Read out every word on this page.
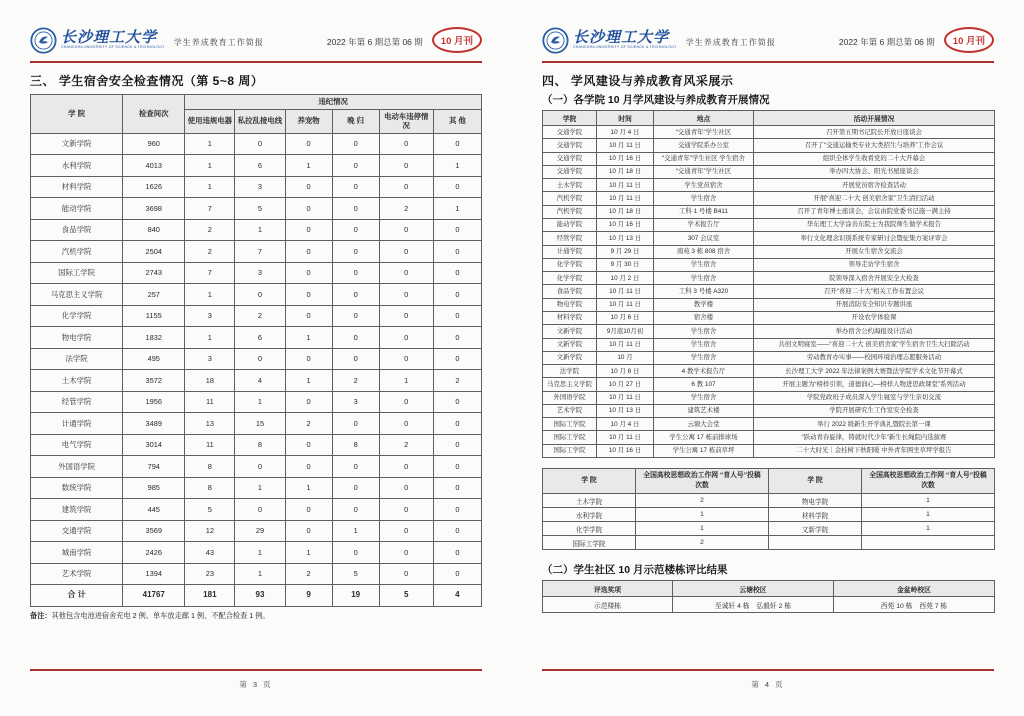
长沙理工大学
CHANGSHA UNIVERSITY OF SCIENCE & TECHNOLOGY
学生养成教育工作简报	2022 年第 6 期总第 06 期	10 月刊
三、 学生宿舍安全检查情况（第 5~8 周）
学 院	检查间次	违纪情况					
		使用违规电器	私拉乱接电线	养宠物	晚 归	电动车违停情况	其 他
文新学院	960	1	0	0	0	0	0
水利学院	4013	1	6	1	0	0	1
材料学院	1626	1	3	0	0	0	0
能动学院	3698	7	5	0	0	2	1
食品学院	840	2	1	0	0	0	0
汽机学院	2504	2	7	0	0	0	0
国际工学院	2743	7	3	0	0	0	0
马克思主义学院	257	1	0	0	0	0	0
化学学院	1155	3	2	0	0	0	0
物电学院	1832	1	6	1	0	0	0
法学院	495	3	0	0	0	0	0
土木学院	3572	18	4	1	2	1	2
经管学院	1956	11	1	0	3	0	0
计通学院	3489	13	15	2	0	0	0
电气学院	3014	11	8	0	8	2	0
外国语学院	794	8	0	0	0	0	0
数统学院	985	8	1	1	0	0	0
建筑学院	445	5	0	0	0	0	0
交通学院	3569	12	29	0	1	0	0
城南学院	2426	43	1	1	0	0	0
艺术学院	1394	23	1	2	5	0	0
合 计	41767	181	93	9	19	5	4
备注：其他包含电池进宿舍充电 2 例、单车放走廊 1 例、不配合检查 1 例。
第 3 页
长沙理工大学
CHANGSHA UNIVERSITY OF SCIENCE & TECHNOLOGY
学生养成教育工作简报	2022 年第 6 期总第 06 期	10 月刊
四、 学风建设与养成教育风采展示
（一）各学院 10 月学风建设与养成教育开展情况
学院	时间	地点	活动开展情况
交通学院	10 月 4 日	“交通青年”学生社区	召开第五期书记院长开放日座谈会
交通学院	10 月 11 日	交通学院系办公室	召开了“交通运输类专业大类招生与培养”工作会议
交通学院	10 月 16 日	“交通青年”学生社区 学生宿舍	组织全体学生收看党的二十大开幕会
交通学院	10 月 18 日	“交通青年”学生社区	举办四大协会、阳光书屋座谈会
土木学院	10 月 11 日	学生党员宿舍	开展党员宿舍检查活动
汽机学院	10 月 11 日	学生宿舍	开展“喜迎二十大 创美宿舍家”卫生清扫活动
汽机学院	10 月 18 日	工科 1 号楼 B411	召开了青年博士座谈会，会议由院党委书记施一满主持
能动学院	10 月 16 日	学术报告厅	华东理工大学涂善东院士为我院师生做学术报告
经管学院	10 月 13 日	307 会议室	举行文化理念识别系统专家研讨会暨征集方案评审会
计通学院	9 月 29 日	南苑 3 栋 808 宿舍	开展女生宿舍交流会
化学学院	9 月 30 日	学生宿舍	领导走访学生宿舍
化学学院	10 月 2 日	学生宿舍	院领导深入宿舍开展安全大检查
食品学院	10 月 11 日	工科 3 号楼 A320	召开“喜迎二十大”相关工作布置会议
物电学院	10 月 11 日	教学楼	开展消防安全知识专题讲座
材料学院	10 月 6 日	宿舍楼	开设农学体验课
文新学院	9月底10月初	学生宿舍	举办宿舍公约海报设计活动
文新学院	10 月 11 日	学生宿舍	共创文明寝室——“喜迎二十大 创美宿舍家”学生宿舍卫生大扫除活动
文新学院	10 月	学生宿舍	劳动教育办实事——校园环境治理志愿服务活动
法学院	10 月 8 日	4 教学术报告厅	长沙理工大学 2022 年法律案例大赛暨法学院学术文化节开幕式
马克思主义学院	10 月 27 日	6 教 107	开展主题为“榜样引领，道德润心—榜样人物进思政课堂”系列活动
外国语学院	10 月 11 日	学生宿舍	学院党政班子成员深入学生寝室与学生亲切交流
艺术学院	10 月 13 日	建筑艺术楼	学院开展研究生工作室安全检查
国际工学院	10 月 4 日	云塘大会堂	举行 2022 级新生开学典礼暨院长第一课
国际工学院	10 月 11 日	学生公寓 17 栋前排球场	“跃动青春旋律，铸就时代少年”新生长绳院内选拔赛
国际工学院	10 月 16 日	学生公寓 17 栋前草坪	二十大时光｜金桂树下秋阳暖 中外青年围坐草坪学报告
学 院	全国高校思想政治工作网 “育人号”投稿次数	学 院	全国高校思想政治工作网 “育人号”投稿次数
土木学院	2	物电学院	1
水利学院	1	材料学院	1
化学学院	1	文新学院	1
国际工学院	2		
（二）学生社区 10 月示范楼栋评比结果
评选奖项	云塘校区	金盆岭校区
示范楼栋	至诚轩 4 栋　弘毅轩 2 栋	西苑 10 栋　西苑 7 栋
第 4 页
